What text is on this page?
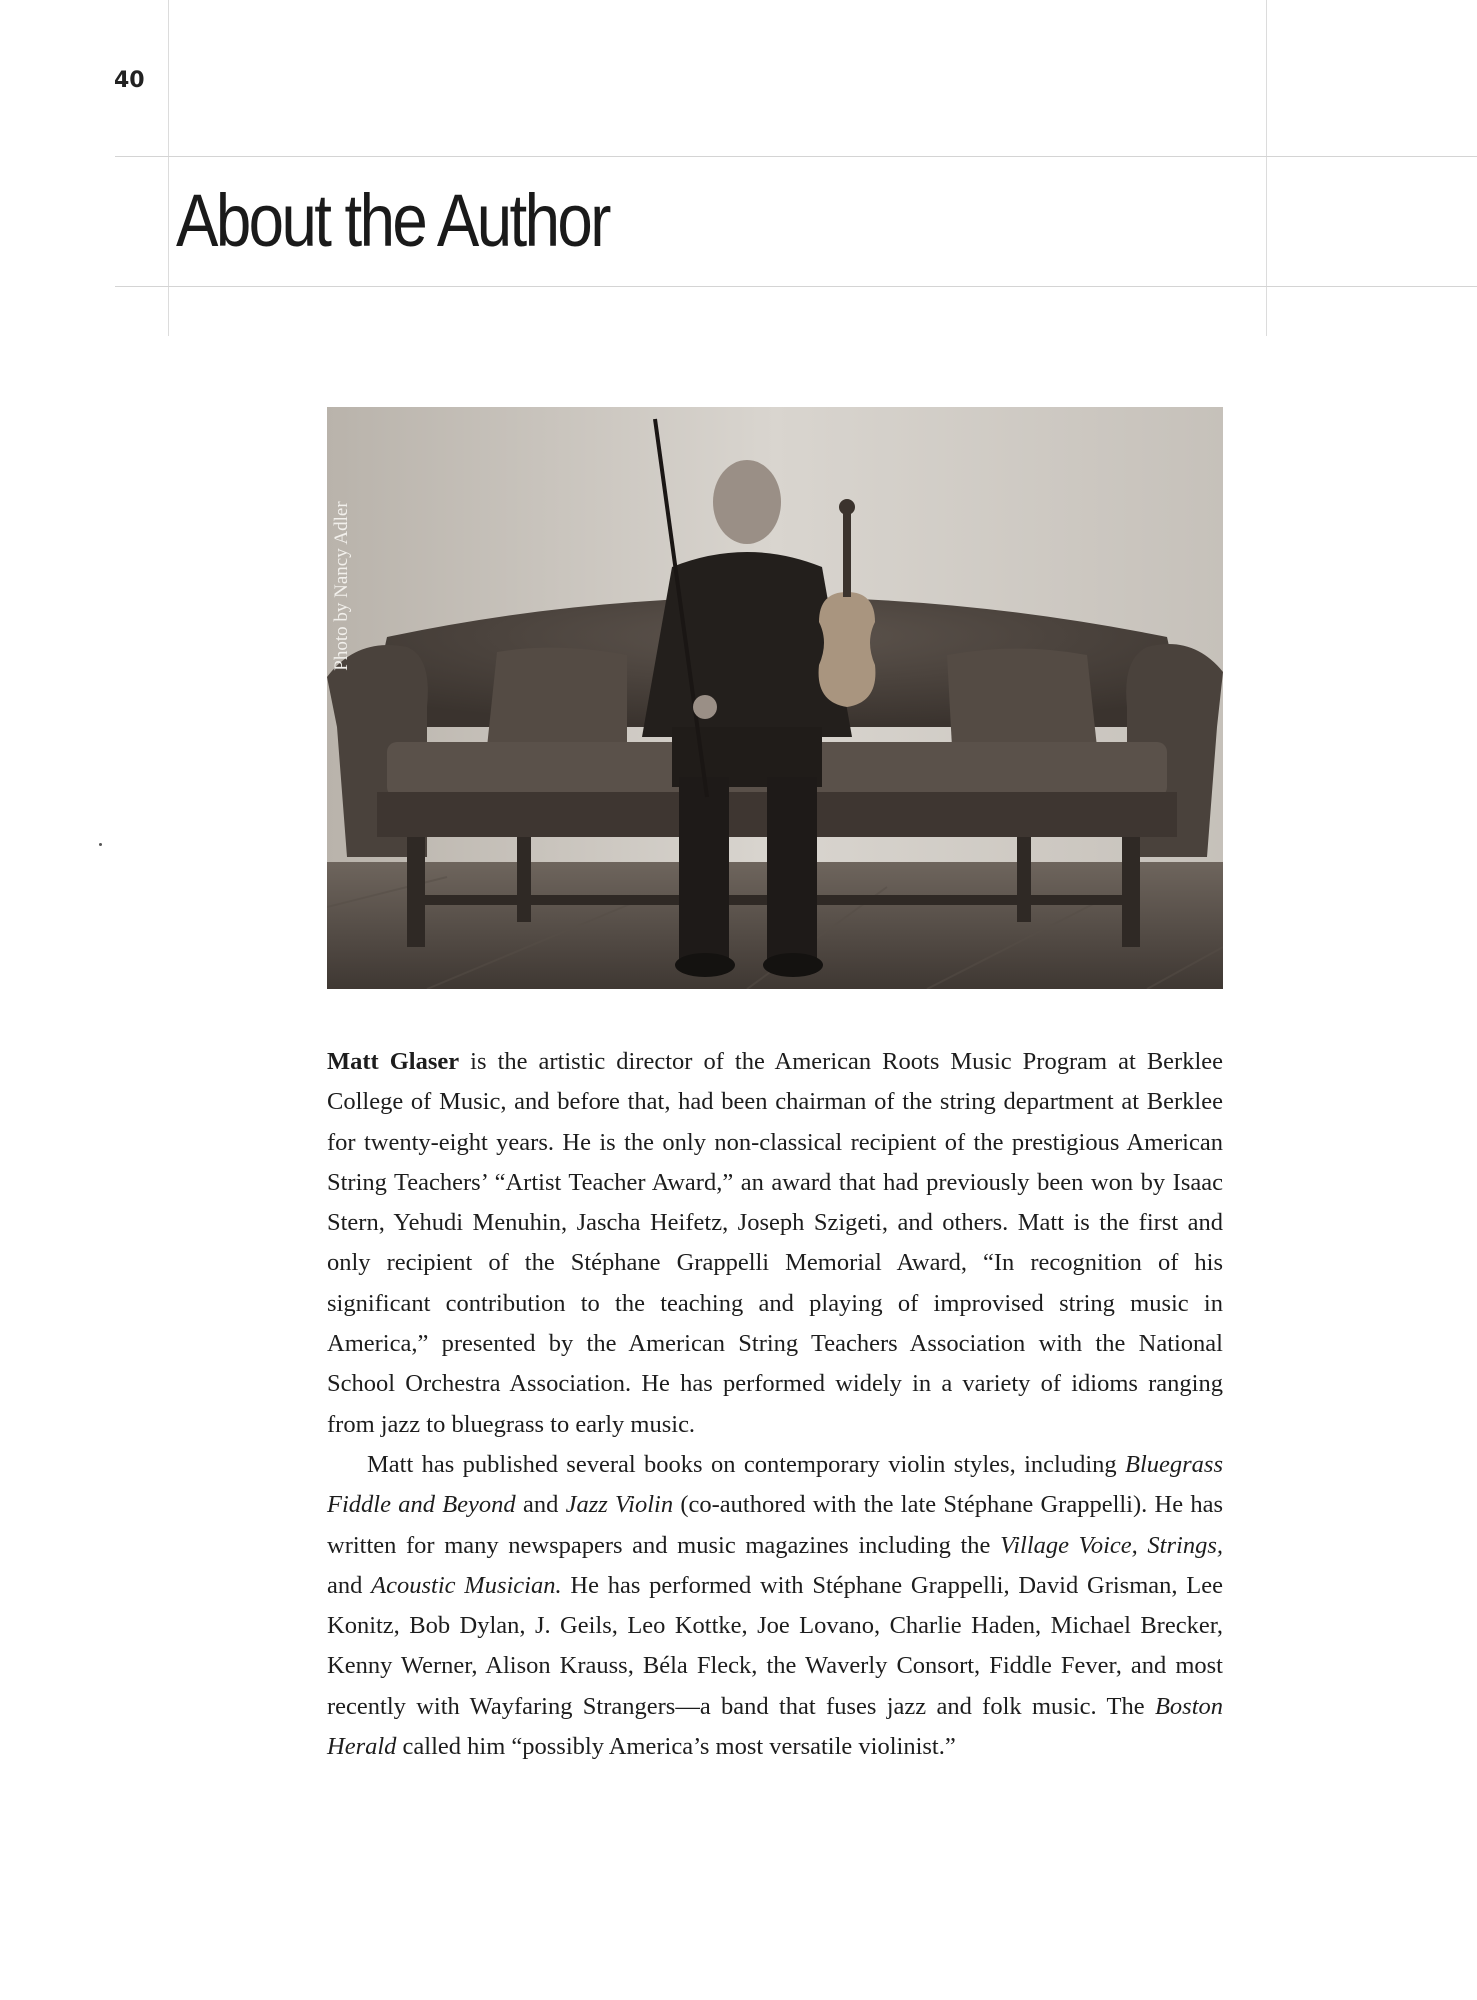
40
About the Author
Photo by Nancy Adler

Matt Glaser is the artistic director of the American Roots Music Program at Berklee College of Music, and before that, had been chairman of the string department at Berklee for twenty-eight years. He is the only non-classical recipient of the prestigious American String Teachers’ “Artist Teacher Award,” an award that had previously been won by Isaac Stern, Yehudi Menuhin, Jascha Heifetz, Joseph Szigeti, and others. Matt is the first and only recipient of the Stéphane Grappelli Memorial Award, “In recognition of his significant contribution to the teaching and playing of improvised string music in America,” presented by the American String Teachers Association with the National School Orchestra Association. He has performed widely in a variety of idioms ranging from jazz to bluegrass to early music.

Matt has published several books on contemporary violin styles, including Bluegrass Fiddle and Beyond and Jazz Violin (co-authored with the late Stéphane Grappelli). He has written for many newspapers and music magazines including the Village Voice, Strings, and Acoustic Musician. He has performed with Stéphane Grappelli, David Grisman, Lee Konitz, Bob Dylan, J. Geils, Leo Kottke, Joe Lovano, Charlie Haden, Michael Brecker, Kenny Werner, Alison Krauss, Béla Fleck, the Waverly Consort, Fiddle Fever, and most recently with Wayfaring Strangers—a band that fuses jazz and folk music. The Boston Herald called him “possibly America’s most versatile violinist.”
